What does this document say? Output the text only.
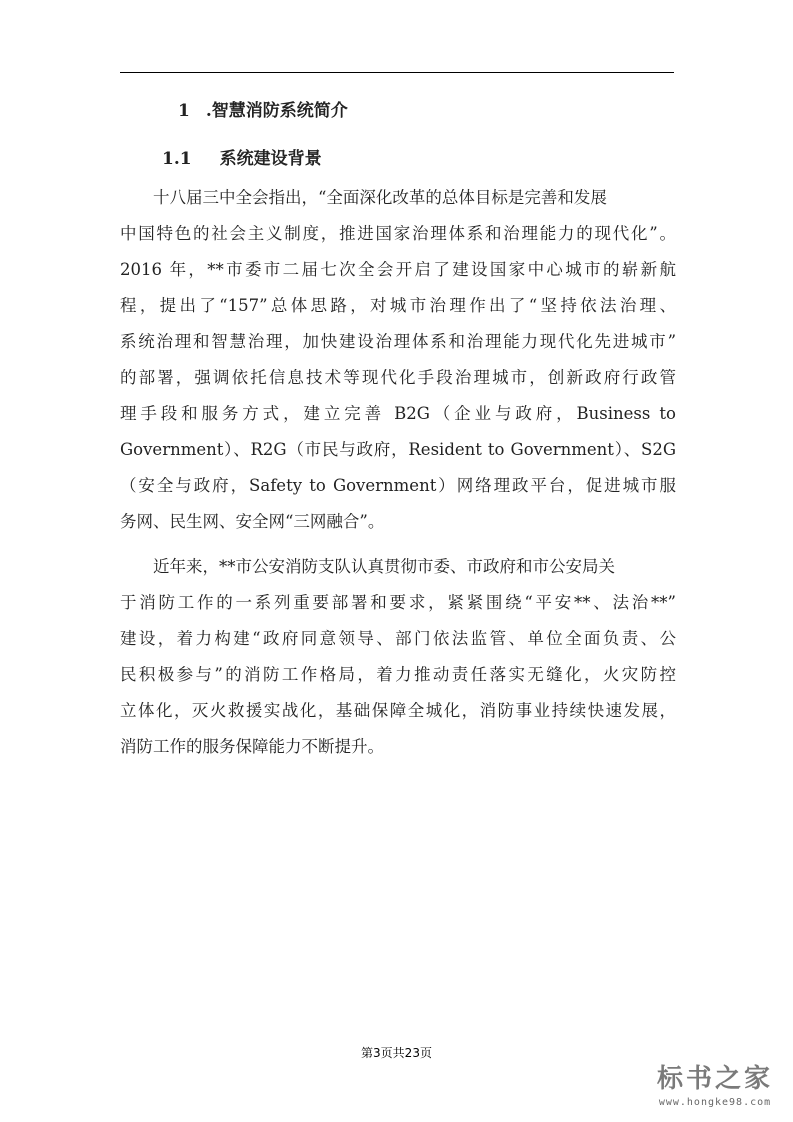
1 .智慧消防系统简介
1.1 系统建设背景
十八届三中全会指出，“全面深化改革的总体目标是完善和发展
中国特色的社会主义制度，推进国家治理体系和治理能力的现代化”。
2016 年，**市委市二届七次全会开启了建设国家中心城市的崭新航
程，提出了“157”总体思路，对城市治理作出了“坚持依法治理、
系统治理和智慧治理，加快建设治理体系和治理能力现代化先进城市”
的部署，强调依托信息技术等现代化手段治理城市，创新政府行政管
理手段和服务方式，建立完善 B2G（企业与政府，Business to
Government）、R2G（市民与政府，Resident to Government）、S2G
（安全与政府，Safety to Government）网络理政平台，促进城市服
务网、民生网、安全网“三网融合”。
近年来，**市公安消防支队认真贯彻市委、市政府和市公安局关
于消防工作的一系列重要部署和要求，紧紧围绕“平安**、法治**”
建设，着力构建“政府同意领导、部门依法监管、单位全面负责、公
民积极参与”的消防工作格局，着力推动责任落实无缝化，火灾防控
立体化，灭火救援实战化，基础保障全城化，消防事业持续快速发展，
消防工作的服务保障能力不断提升。
第3页共23页
标书之家
www.hongke98.com
